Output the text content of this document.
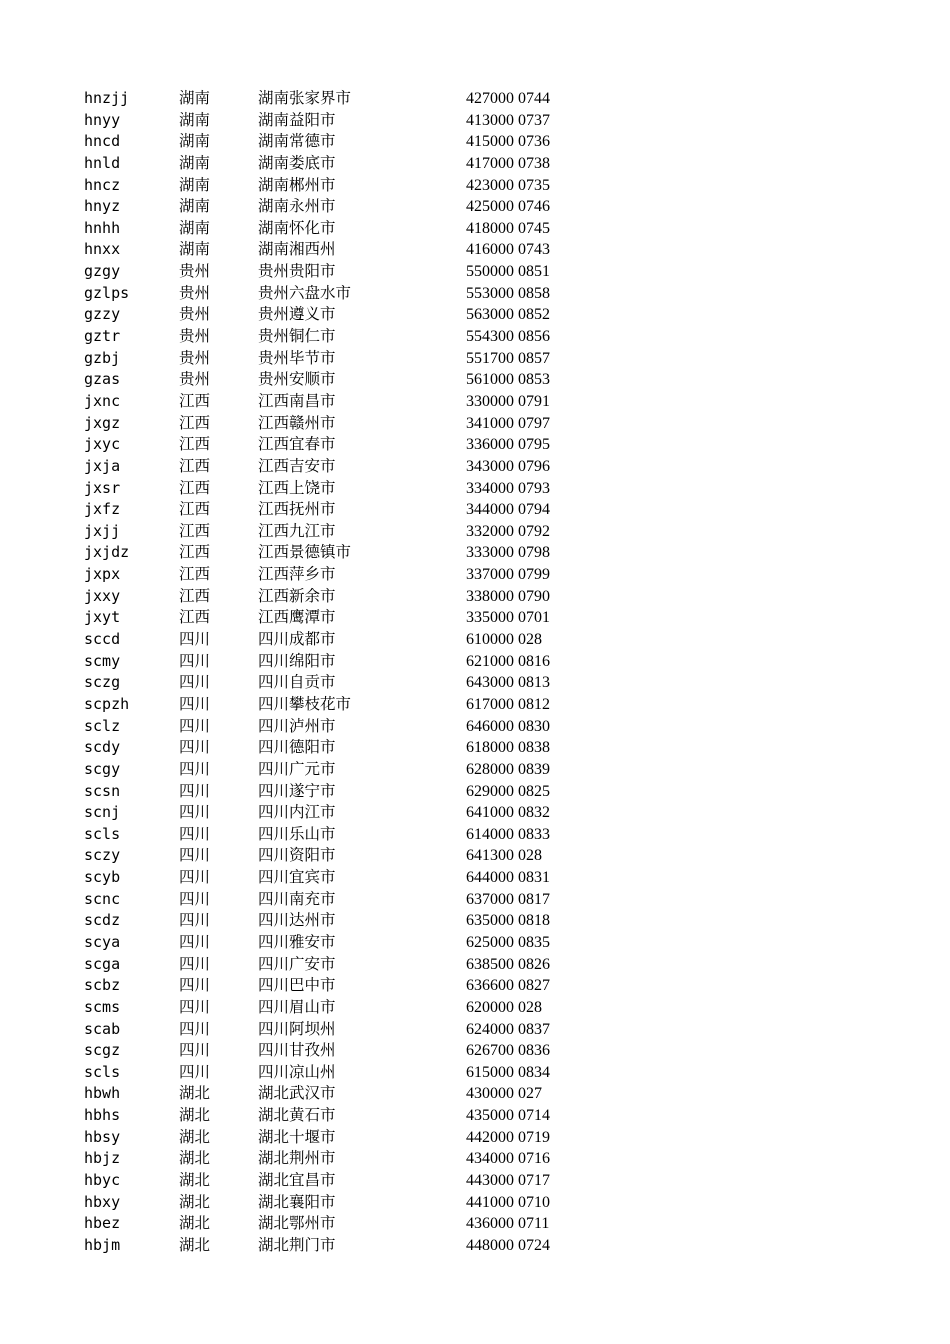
hnzjj	湖南	湖南张家界市	427000 0744
hnyy	湖南	湖南益阳市	413000 0737
hncd	湖南	湖南常德市	415000 0736
hnld	湖南	湖南娄底市	417000 0738
hncz	湖南	湖南郴州市	423000 0735
hnyz	湖南	湖南永州市	425000 0746
hnhh	湖南	湖南怀化市	418000 0745
hnxx	湖南	湖南湘西州	416000 0743
gzgy	贵州	贵州贵阳市	550000 0851
gzlps	贵州	贵州六盘水市	553000 0858
gzzy	贵州	贵州遵义市	563000 0852
gztr	贵州	贵州铜仁市	554300 0856
gzbj	贵州	贵州毕节市	551700 0857
gzas	贵州	贵州安顺市	561000 0853
jxnc	江西	江西南昌市	330000 0791
jxgz	江西	江西赣州市	341000 0797
jxyc	江西	江西宜春市	336000 0795
jxja	江西	江西吉安市	343000 0796
jxsr	江西	江西上饶市	334000 0793
jxfz	江西	江西抚州市	344000 0794
jxjj	江西	江西九江市	332000 0792
jxjdz	江西	江西景德镇市	333000 0798
jxpx	江西	江西萍乡市	337000 0799
jxxy	江西	江西新余市	338000 0790
jxyt	江西	江西鹰潭市	335000 0701
sccd	四川	四川成都市	610000 028
scmy	四川	四川绵阳市	621000 0816
sczg	四川	四川自贡市	643000 0813
scpzh	四川	四川攀枝花市	617000 0812
sclz	四川	四川泸州市	646000 0830
scdy	四川	四川德阳市	618000 0838
scgy	四川	四川广元市	628000 0839
scsn	四川	四川遂宁市	629000 0825
scnj	四川	四川内江市	641000 0832
scls	四川	四川乐山市	614000 0833
sczy	四川	四川资阳市	641300 028
scyb	四川	四川宜宾市	644000 0831
scnc	四川	四川南充市	637000 0817
scdz	四川	四川达州市	635000 0818
scya	四川	四川雅安市	625000 0835
scga	四川	四川广安市	638500 0826
scbz	四川	四川巴中市	636600 0827
scms	四川	四川眉山市	620000 028
scab	四川	四川阿坝州	624000 0837
scgz	四川	四川甘孜州	626700 0836
scls	四川	四川凉山州	615000 0834
hbwh	湖北	湖北武汉市	430000 027
hbhs	湖北	湖北黄石市	435000 0714
hbsy	湖北	湖北十堰市	442000 0719
hbjz	湖北	湖北荆州市	434000 0716
hbyc	湖北	湖北宜昌市	443000 0717
hbxy	湖北	湖北襄阳市	441000 0710
hbez	湖北	湖北鄂州市	436000 0711
hbjm	湖北	湖北荆门市	448000 0724
